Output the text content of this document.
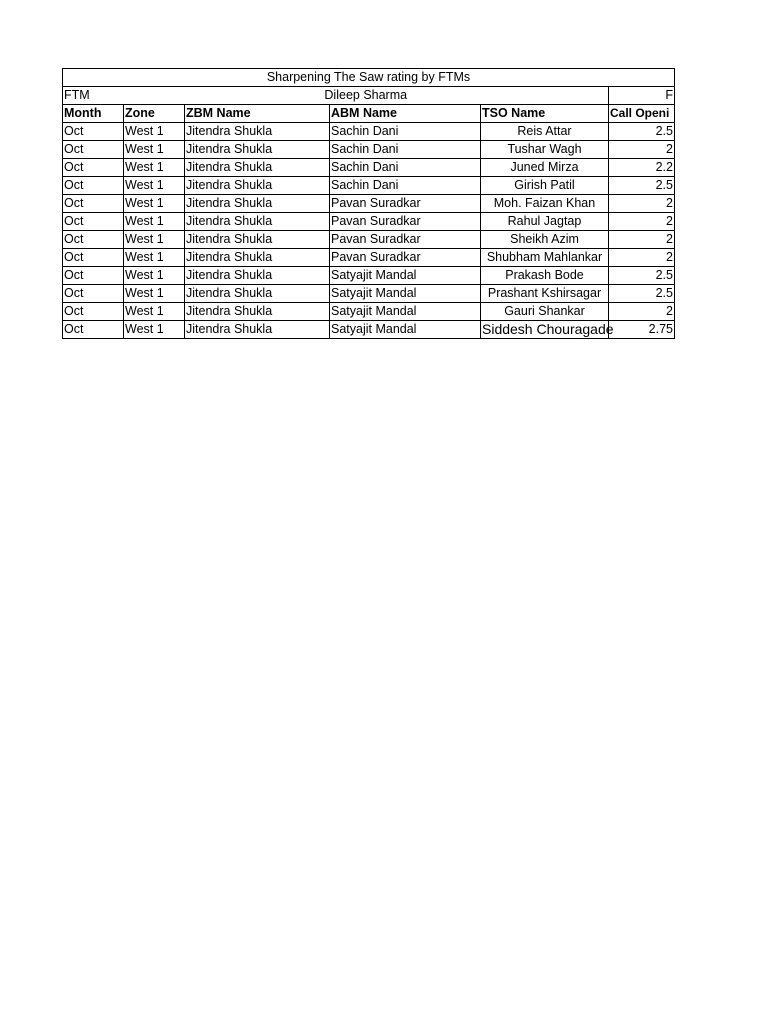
Sharpening The Saw rating by FTMs					
FTM	Dileep Sharma				F
Month	Zone	ZBM Name	ABM Name	TSO Name	Call Openi
Oct	West 1	Jitendra Shukla	Sachin Dani	Reis Attar	2.5
Oct	West 1	Jitendra Shukla	Sachin Dani	Tushar Wagh	2
Oct	West 1	Jitendra Shukla	Sachin Dani	Juned Mirza	2.2
Oct	West 1	Jitendra Shukla	Sachin Dani	Girish Patil	2.5
Oct	West 1	Jitendra Shukla	Pavan Suradkar	Moh. Faizan Khan	2
Oct	West 1	Jitendra Shukla	Pavan Suradkar	Rahul Jagtap	2
Oct	West 1	Jitendra Shukla	Pavan Suradkar	Sheikh Azim	2
Oct	West 1	Jitendra Shukla	Pavan Suradkar	Shubham Mahlankar	2
Oct	West 1	Jitendra Shukla	Satyajit Mandal	Prakash Bode	2.5
Oct	West 1	Jitendra Shukla	Satyajit Mandal	Prashant Kshirsagar	2.5
Oct	West 1	Jitendra Shukla	Satyajit Mandal	Gauri Shankar	2
Oct	West 1	Jitendra Shukla	Satyajit Mandal	Siddesh Chouragade	2.75
